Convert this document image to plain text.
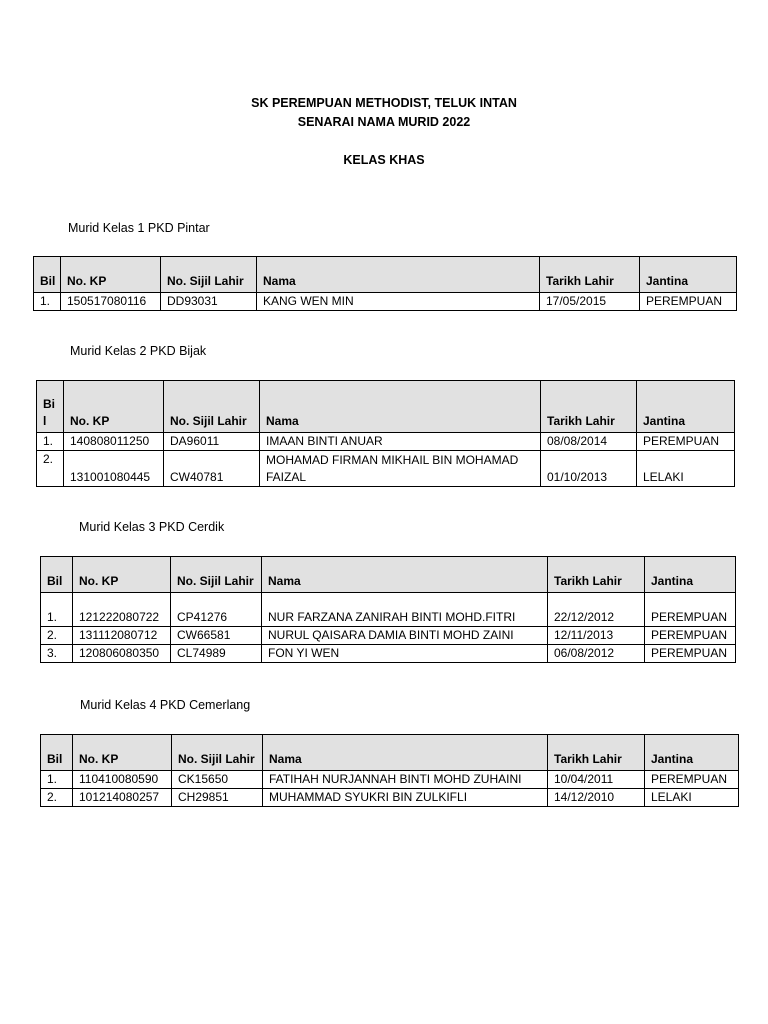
SK PEREMPUAN METHODIST, TELUK INTAN
SENARAI NAMA MURID 2022
KELAS KHAS
Murid Kelas 1 PKD Pintar
Bil	No. KP	No. Sijil Lahir	Nama	Tarikh Lahir	Jantina
1.	150517080116	DD93031	KANG WEN MIN	17/05/2015	PEREMPUAN
Murid Kelas 2 PKD Bijak
Bi l	No. KP	No. Sijil Lahir	Nama	Tarikh Lahir	Jantina
1.	140808011250	DA96011	IMAAN BINTI ANUAR	08/08/2014	PEREMPUAN
2.	131001080445	CW40781	MOHAMAD FIRMAN MIKHAIL BIN MOHAMAD FAIZAL	01/10/2013	LELAKI
Murid Kelas 3 PKD Cerdik
Bil	No. KP	No. Sijil Lahir	Nama	Tarikh Lahir	Jantina
1.	121222080722	CP41276	NUR FARZANA ZANIRAH BINTI MOHD.FITRI	22/12/2012	PEREMPUAN
2.	131112080712	CW66581	NURUL QAISARA DAMIA BINTI MOHD ZAINI	12/11/2013	PEREMPUAN
3.	120806080350	CL74989	FON YI WEN	06/08/2012	PEREMPUAN
Murid Kelas 4 PKD Cemerlang
Bil	No. KP	No. Sijil Lahir	Nama	Tarikh Lahir	Jantina
1.	110410080590	CK15650	FATIHAH NURJANNAH BINTI MOHD ZUHAINI	10/04/2011	PEREMPUAN
2.	101214080257	CH29851	MUHAMMAD SYUKRI BIN ZULKIFLI	14/12/2010	LELAKI
